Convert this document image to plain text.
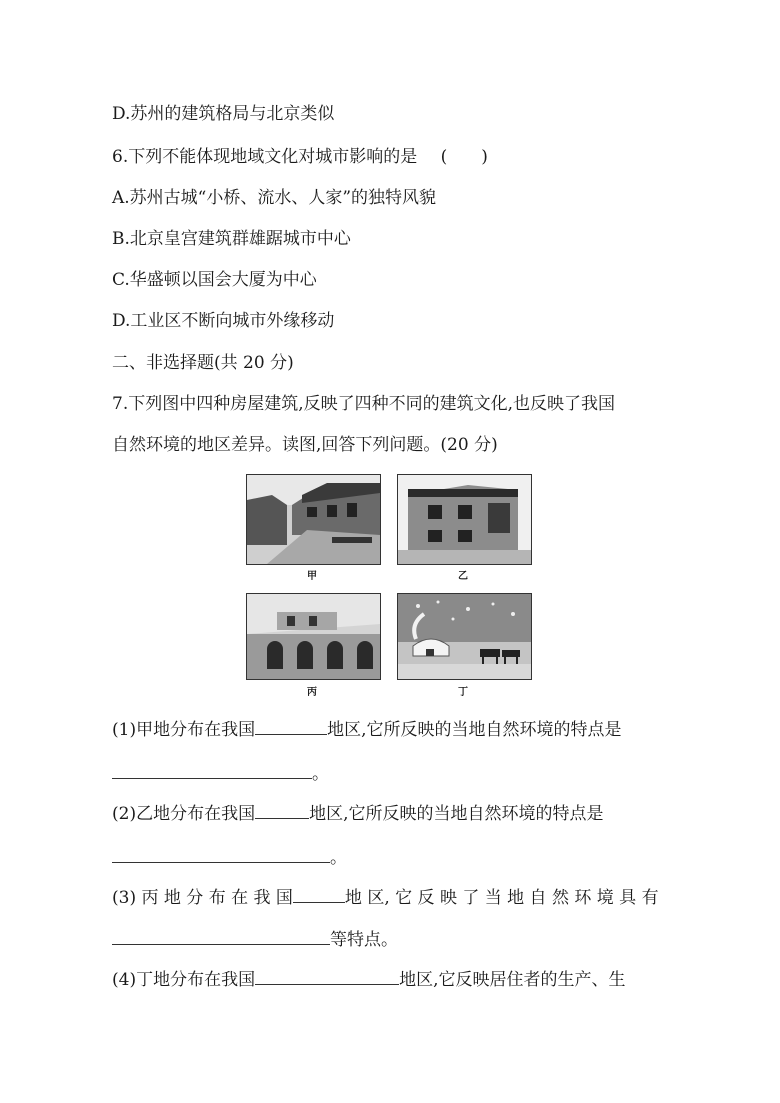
D.苏州的建筑格局与北京类似
6.下列不能体现地域文化对城市影响的是 (　　)
A.苏州古城“小桥、流水、人家”的独特风貌
B.北京皇宫建筑群雄踞城市中心
C.华盛顿以国会大厦为中心
D.工业区不断向城市外缘移动
二、非选择题(共 20 分)
7.下列图中四种房屋建筑,反映了四种不同的建筑文化,也反映了我国
自然环境的地区差异。读图,回答下列问题。(20 分)
甲	乙
丙	丁
(1)甲地分布在我国	地区,它所反映的当地自然环境的特点是
。
(2)乙地分布在我国	地区,它所反映的当地自然环境的特点是
。
(3) 丙 地 分 布 在 我 国	地 区, 它 反 映 了 当 地 自 然 环 境 具 有
等特点。
(4)丁地分布在我国	地区,它反映居住者的生产、生
